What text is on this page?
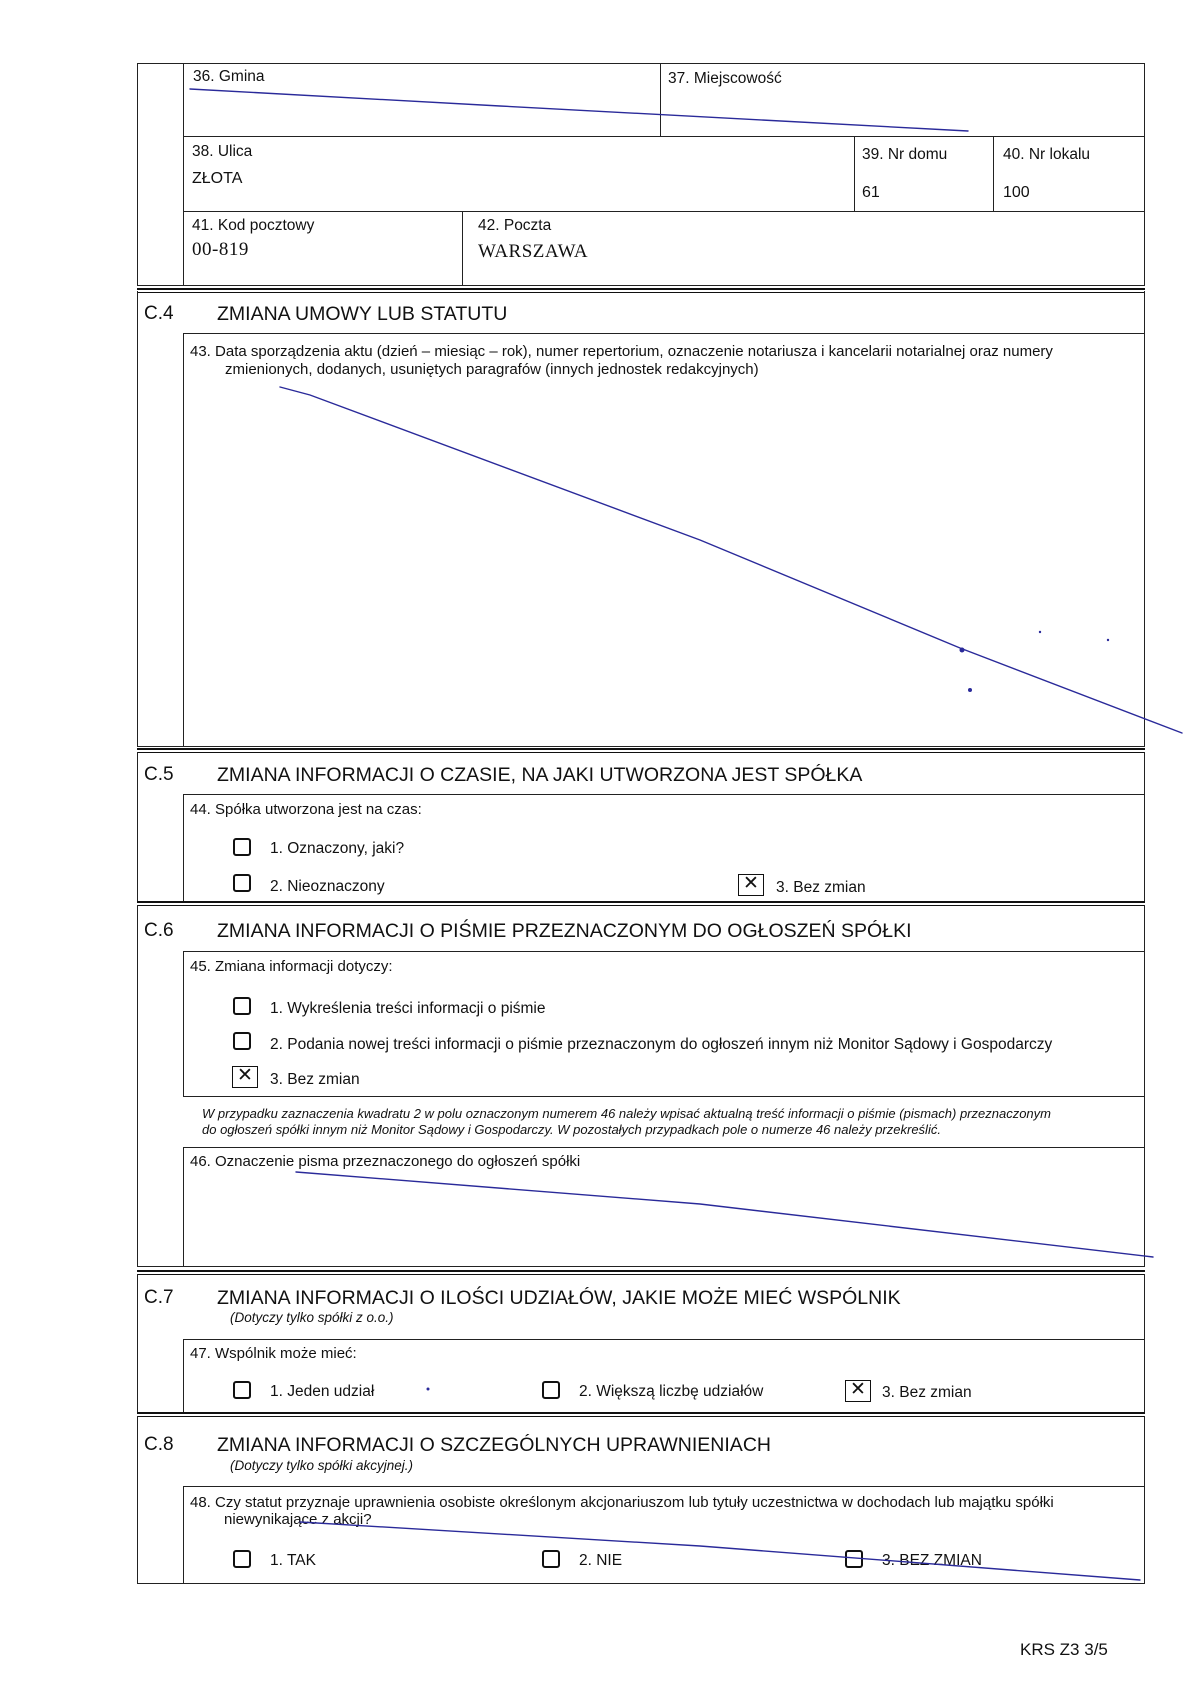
36. Gmina	37. Miejscowość
38. Ulica
ZŁOTA
39. Nr domu
61
40. Nr lokalu
100
41. Kod pocztowy
00-819
42. Poczta
WARSZAWA
C.4 ZMIANA UMOWY LUB STATUTU
43. Data sporządzenia aktu (dzień – miesiąc – rok), numer repertorium, oznaczenie notariusza i kancelarii notarialnej oraz numery
zmienionych, dodanych, usuniętych paragrafów (innych jednostek redakcyjnych)
C.5 ZMIANA INFORMACJI O CZASIE, NA JAKI UTWORZONA JEST SPÓŁKA
44. Spółka utworzona jest na czas:
1. Oznaczony, jaki?
2. Nieoznaczony	✕	3. Bez zmian
C.6 ZMIANA INFORMACJI O PIŚMIE PRZEZNACZONYM DO OGŁOSZEŃ SPÓŁKI
45. Zmiana informacji dotyczy:
1. Wykreślenia treści informacji o piśmie
2. Podania nowej treści informacji o piśmie przeznaczonym do ogłoszeń innym niż Monitor Sądowy i Gospodarczy
✕	3. Bez zmian
W przypadku zaznaczenia kwadratu 2 w polu oznaczonym numerem 46 należy wpisać aktualną treść informacji o piśmie (pismach) przeznaczonym
do ogłoszeń spółki innym niż Monitor Sądowy i Gospodarczy. W pozostałych przypadkach pole o numerze 46 należy przekreślić.
46. Oznaczenie pisma przeznaczonego do ogłoszeń spółki
C.7 ZMIANA INFORMACJI O ILOŚCI UDZIAŁÓW, JAKIE MOŻE MIEĆ WSPÓLNIK
(Dotyczy tylko spółki z o.o.)
47. Wspólnik może mieć:
1. Jeden udział	2. Większą liczbę udziałów	✕	3. Bez zmian
C.8 ZMIANA INFORMACJI O SZCZEGÓLNYCH UPRAWNIENIACH
(Dotyczy tylko spółki akcyjnej.)
48. Czy statut przyznaje uprawnienia osobiste określonym akcjonariuszom lub tytuły uczestnictwa w dochodach lub majątku spółki
niewynikające z akcji?
1. TAK	2. NIE	3. BEZ ZMIAN
KRS Z3 3/5
